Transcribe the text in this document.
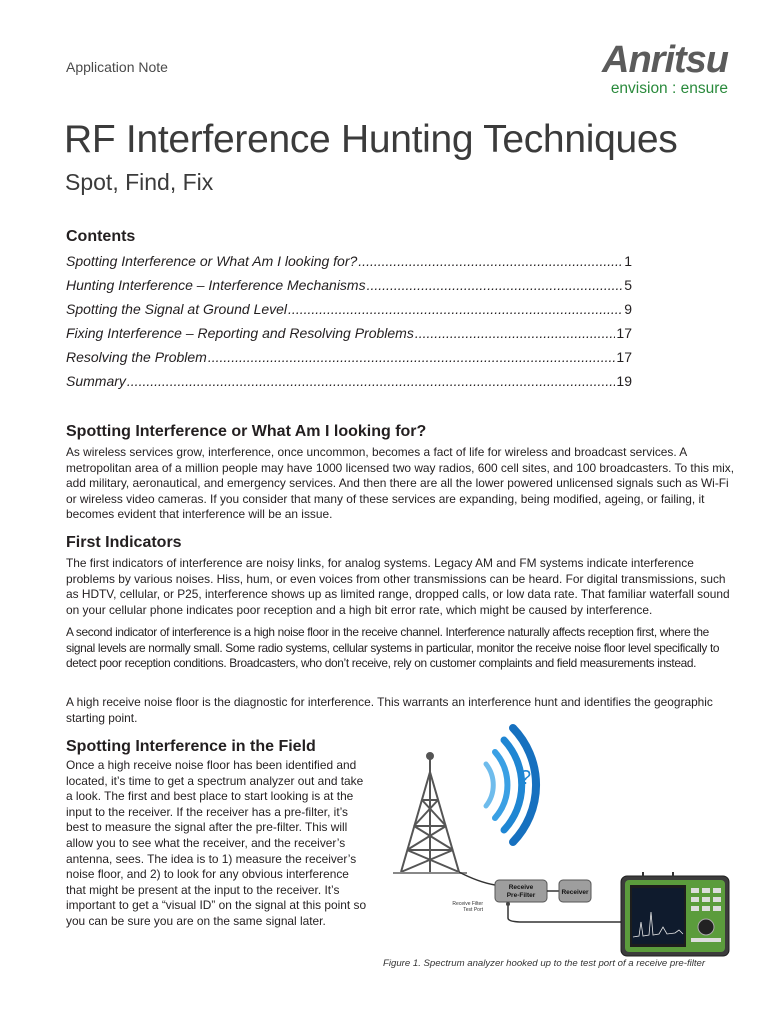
Application Note	Anritsu
envision : ensure
RF Interference Hunting Techniques
Spot, Find, Fix
Contents
Spotting Interference or What Am I looking for? .....	1
Hunting Interference – Interference Mechanisms .....	5
Spotting the Signal at Ground Level .....	9
Fixing Interference – Reporting and Resolving Problems .....	17
Resolving the Problem .....	17
Summary .....	19
Spotting Interference or What Am I looking for?
As wireless services grow, interference, once uncommon, becomes a fact of life for wireless and broadcast services. A metropolitan area of a million people may have 1000 licensed two way radios, 600 cell sites, and 100 broadcasters. To this mix, add military, aeronautical, and emergency services. And then there are all the lower powered unlicensed signals such as Wi-Fi or wireless video cameras. If you consider that many of these services are expanding, being modified, ageing, or failing, it becomes evident that interference will be an issue.
First Indicators
The first indicators of interference are noisy links, for analog systems. Legacy AM and FM systems indicate interference problems by various noises. Hiss, hum, or even voices from other transmissions can be heard. For digital transmissions, such as HDTV, cellular, or P25, interference shows up as limited range, dropped calls, or low data rate. That familiar waterfall sound on your cellular phone indicates poor reception and a high bit error rate, which might be caused by interference.
A second indicator of interference is a high noise floor in the receive channel. Interference naturally affects reception first, where the signal levels are normally small. Some radio systems, cellular systems in particular, monitor the receive noise floor level specifically to detect poor reception conditions. Broadcasters, who don’t receive, rely on customer complaints and field measurements instead.
A high receive noise floor is the diagnostic for interference. This warrants an interference hunt and identifies the geographic starting point.
Spotting Interference in the Field
Once a high receive noise floor has been identified and located, it’s time to get a spectrum analyzer out and take a look. The first and best place to start looking is at the input to the receiver. If the receiver has a pre-filter, it’s best to measure the signal after the pre-filter. This will allow you to see what the receiver, and the receiver’s antenna, sees. The idea is to 1) measure the receiver’s noise floor, and 2) to look for any obvious interference that might be present at the input to the receiver. It’s important to get a “visual ID” on the signal at this point so you can be sure you are on the same signal later.
?
Receive
Pre-Filter	Receiver
Receive Filter
Test Port
Figure 1. Spectrum analyzer hooked up to the test port of a receive pre-filter
